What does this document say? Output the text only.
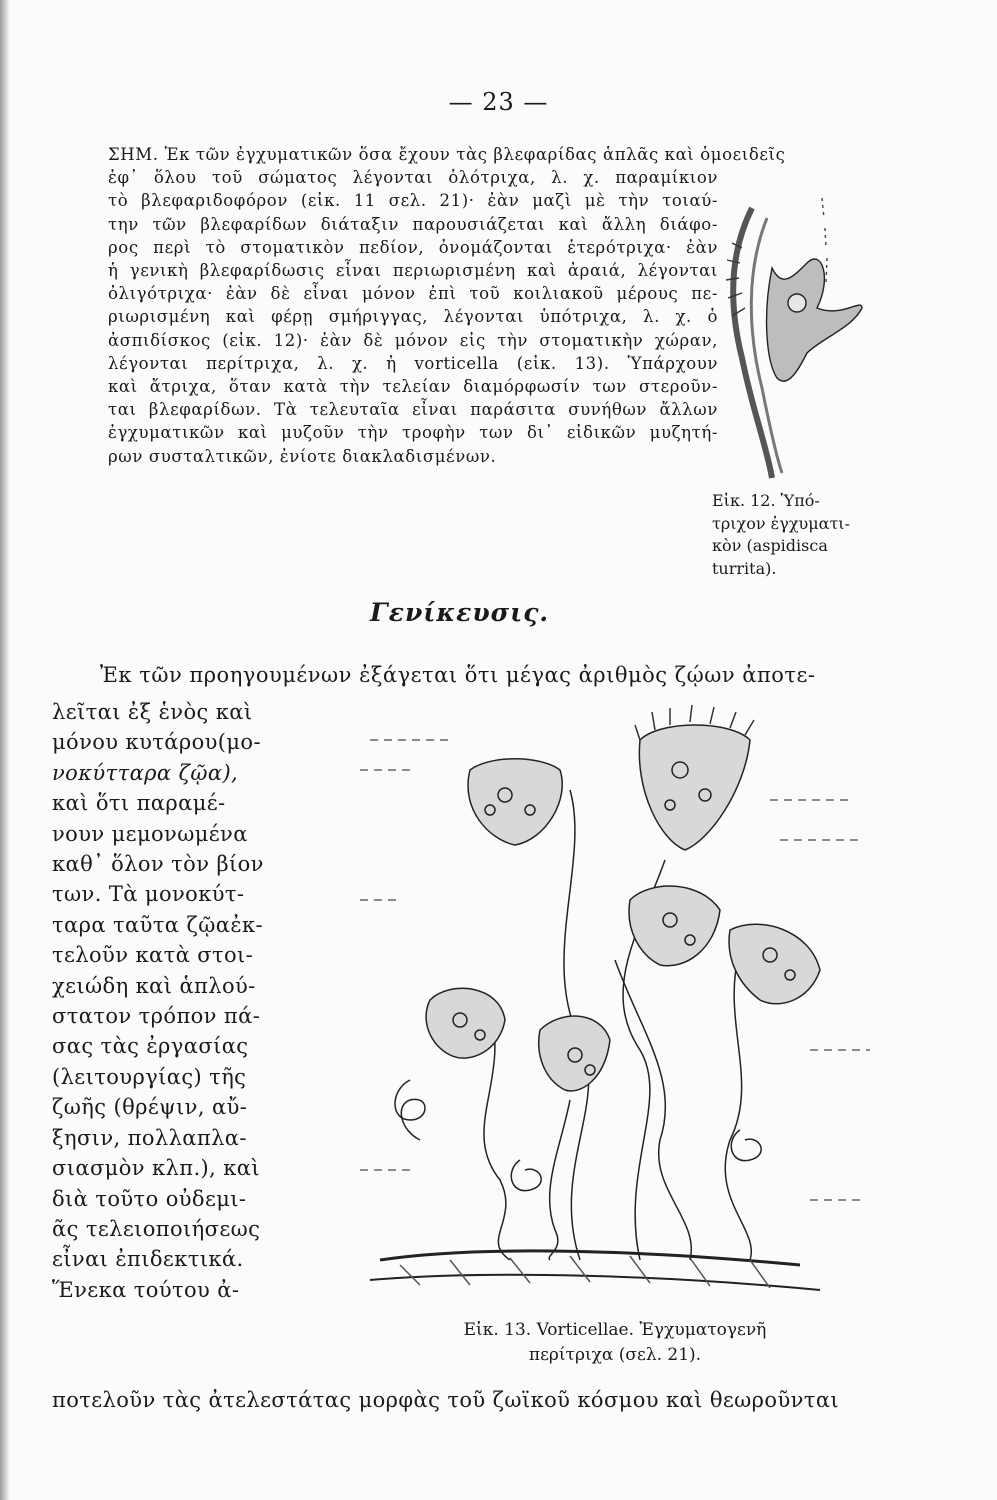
— 23 —
ΣΗΜ. Ἐκ τῶν ἐγχυματικῶν ὅσα ἔχουν τὰς βλεφαρίδας ἁπλᾶς καὶ ὁμοειδεῖς
ἐφ᾽ ὅλου τοῦ σώματος λέγονται ὁλότριχα, λ. χ. παραμίκιον
τὸ βλεφαριδοφόρον (εἰκ. 11 σελ. 21)· ἐὰν μαζὶ μὲ τὴν τοιαύ-
την τῶν βλεφαρίδων διάταξιν παρουσιάζεται καὶ ἄλλη διάφο-
ρος περὶ τὸ στοματικὸν πεδίον, ὀνομάζονται ἑτερότριχα· ἐὰν
ἡ γενικὴ βλεφαρίδωσις εἶναι περιωρισμένη καὶ ἀραιά, λέγονται
ὀλιγότριχα· ἐὰν δὲ εἶναι μόνον ἐπὶ τοῦ κοιλιακοῦ μέρους πε-
ριωρισμένη καὶ φέρῃ σμήριγγας, λέγονται ὑπότριχα, λ. χ. ὁ
ἀσπιδίσκος (εἰκ. 12)· ἐὰν δὲ μόνον εἰς τὴν στοματικὴν χώραν,
λέγονται περίτριχα, λ. χ. ἡ vorticella (εἰκ. 13). Ὑπάρχουν
καὶ ἄτριχα, ὅταν κατὰ τὴν τελείαν διαμόρφωσίν των στεροῦν-
ται βλεφαρίδων. Τὰ τελευταῖα εἶναι παράσιτα συνήθων ἄλλων
ἐγχυματικῶν καὶ μυζοῦν τὴν τροφὴν των δι᾽ εἰδικῶν μυζητή-
ρων συσταλτικῶν, ἐνίοτε διακλαδισμένων.
Εἰκ. 12. Ὑπό-
τριχον ἐγχυματι-
κὸν (aspidisca
turrita).
Γενίκευσις.
Ἐκ τῶν προηγουμένων ἐξάγεται ὅτι μέγας ἀριθμὸς ζῴων ἀποτε-
λεῖται ἐξ ἑνὸς καὶ
μόνου κυτάρου(μο-
νοκύτταρα ζῷα),
καὶ ὅτι παραμέ-
νουν μεμονωμένα
καθ᾽ ὅλον τὸν βίον
των. Τὰ μονοκύτ-
ταρα ταῦτα ζῷαἐκ-
τελοῦν κατὰ στοι-
χειώδη καὶ ἁπλού-
στατον τρόπον πά-
σας τὰς ἐργασίας
(λειτουργίας) τῆς
ζωῆς (θρέψιν, αὔ-
ξησιν, πολλαπλα-
σιασμὸν κλπ.), καὶ
διὰ τοῦτο οὐδεμι-
ᾶς τελειοποιήσεως
εἶναι ἐπιδεκτικά.
Ἕνεκα τούτου ἀ-
Εἰκ. 13. Vorticellae. Ἐγχυματογενῆ
περίτριχα (σελ. 21).
ποτελοῦν τὰς ἀτελεστάτας μορφὰς τοῦ ζωϊκοῦ κόσμου καὶ θεωροῦνται
